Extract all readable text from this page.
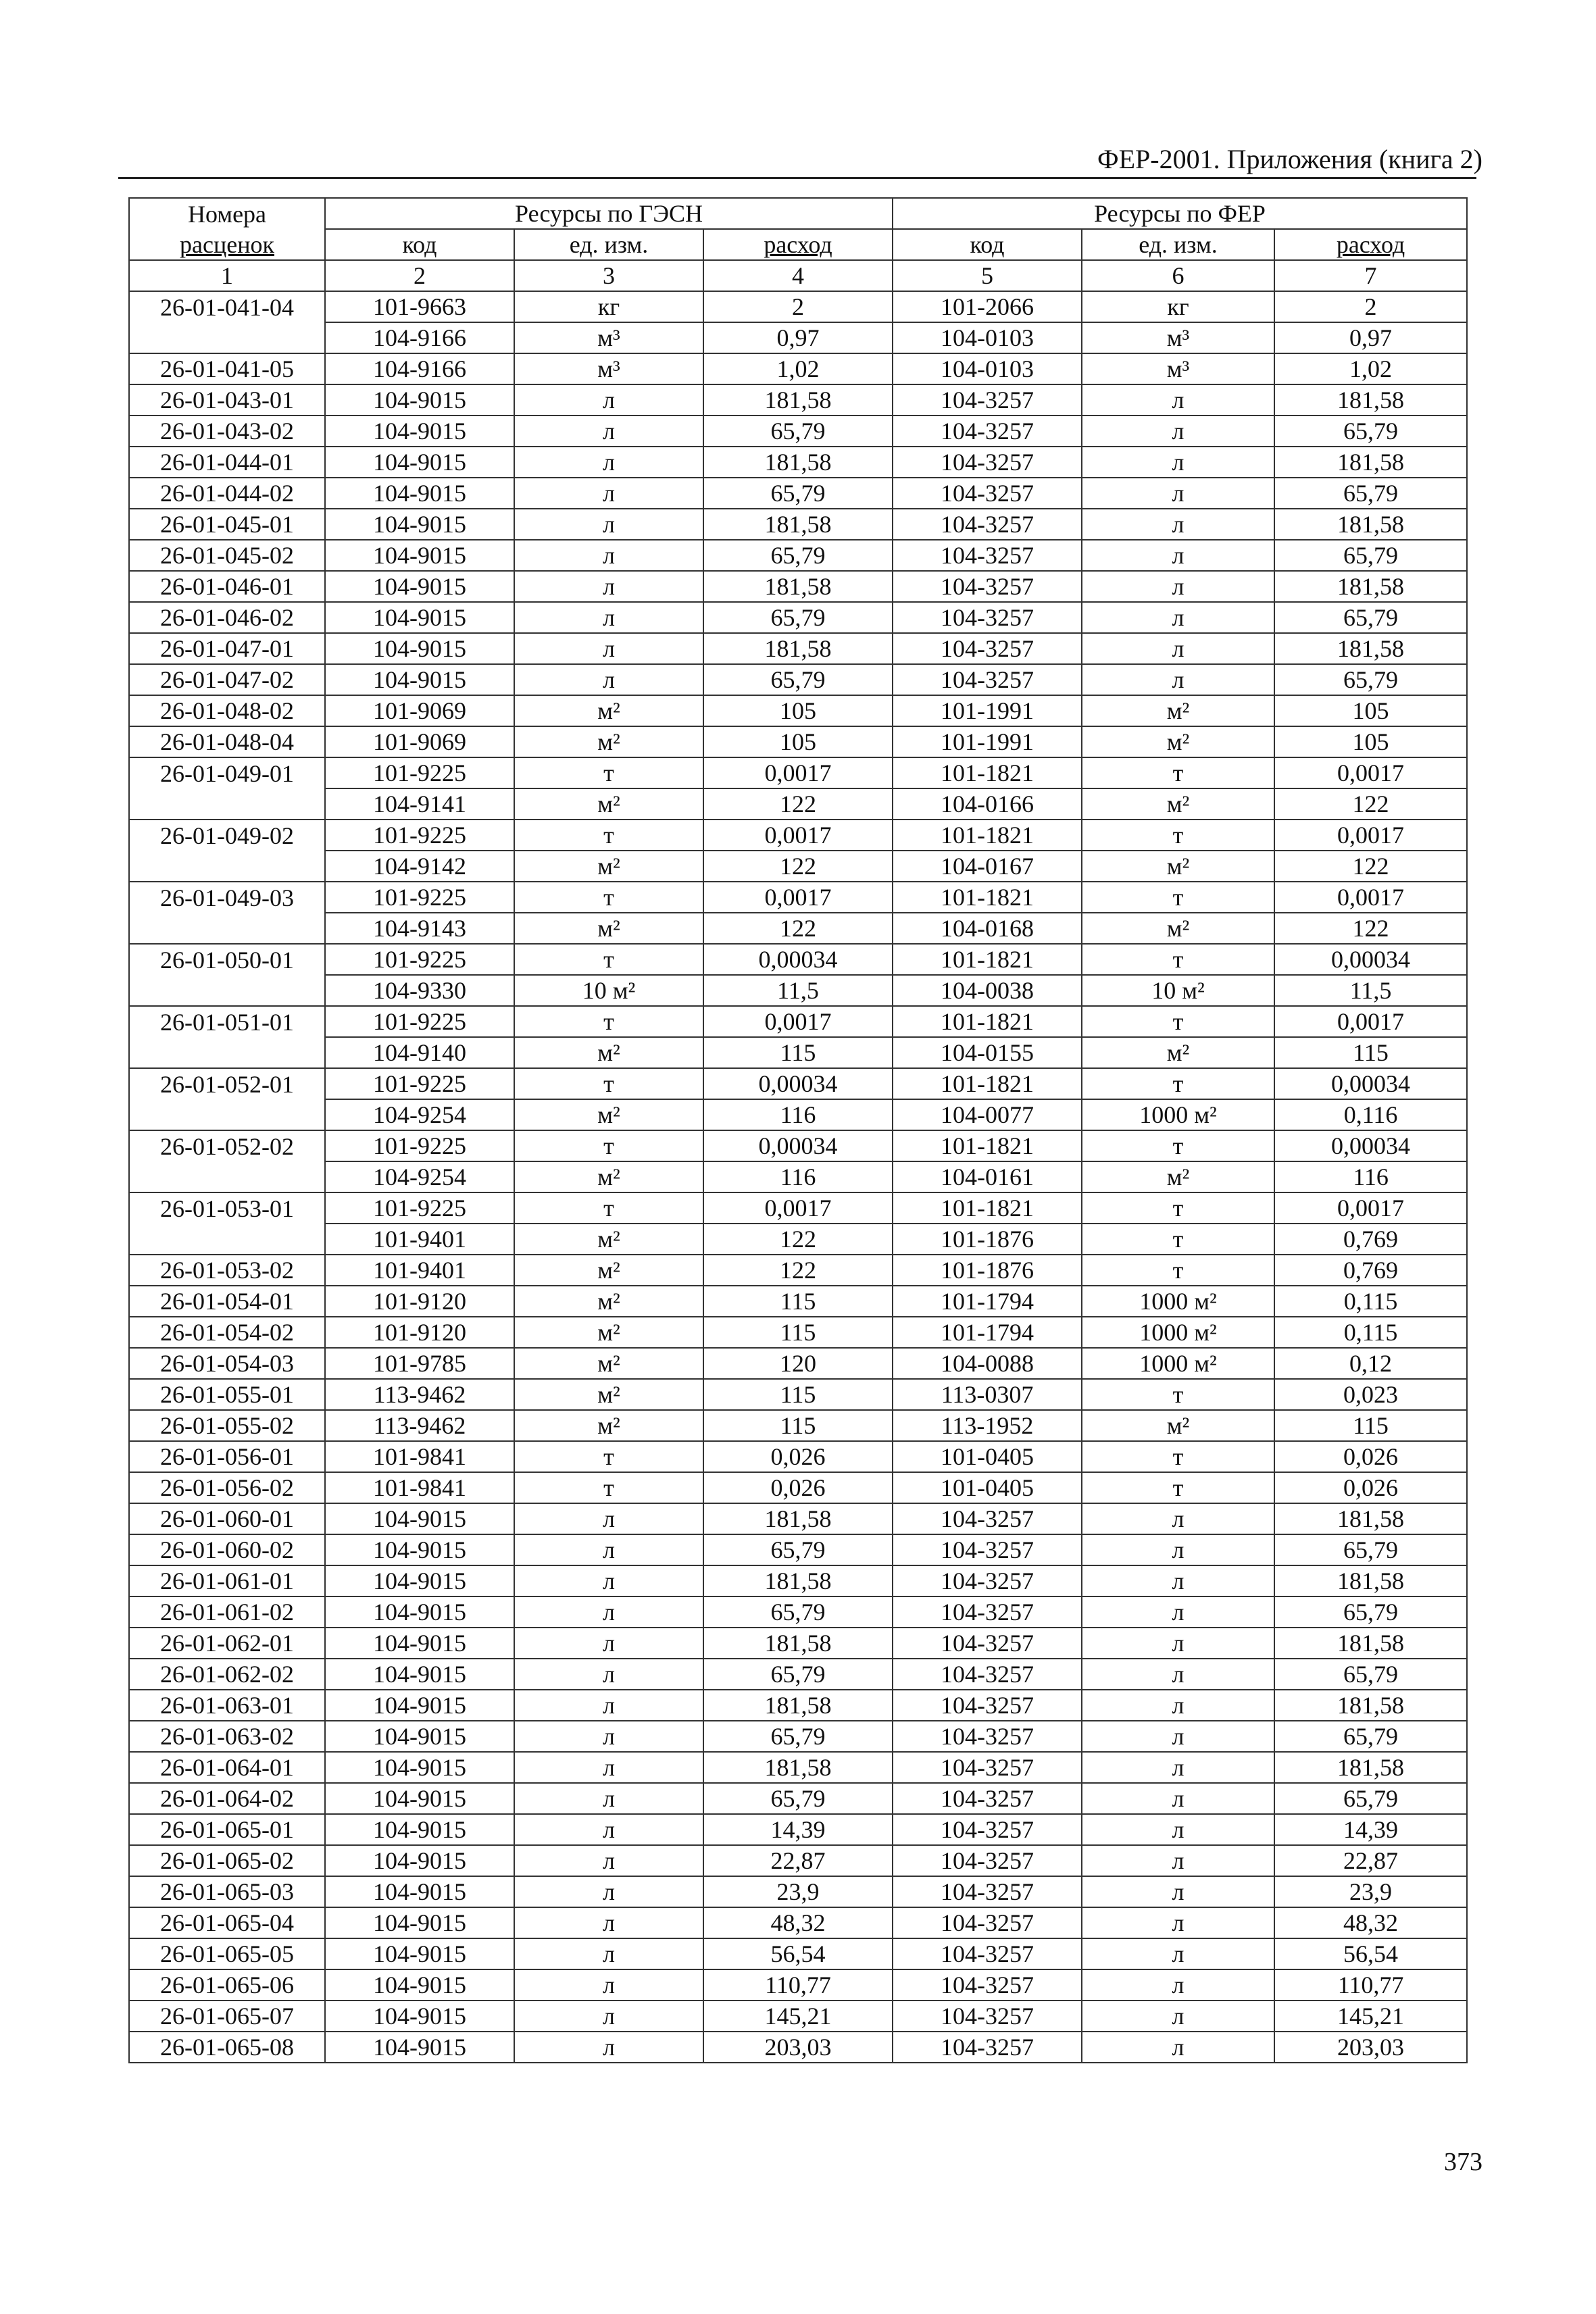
ФЕР-2001. Приложения (книга 2)
Номера	Ресурсы по ГЭСН			Ресурсы по ФЕР		
расценок	код	ед. изм.	расход	код	ед. изм.	расход
1	2	3	4	5	6	7
26-01-041-04	101-9663	кг	2	101-2066	кг	2
	104-9166	м³	0,97	104-0103	м³	0,97
26-01-041-05	104-9166	м³	1,02	104-0103	м³	1,02
26-01-043-01	104-9015	л	181,58	104-3257	л	181,58
26-01-043-02	104-9015	л	65,79	104-3257	л	65,79
26-01-044-01	104-9015	л	181,58	104-3257	л	181,58
26-01-044-02	104-9015	л	65,79	104-3257	л	65,79
26-01-045-01	104-9015	л	181,58	104-3257	л	181,58
26-01-045-02	104-9015	л	65,79	104-3257	л	65,79
26-01-046-01	104-9015	л	181,58	104-3257	л	181,58
26-01-046-02	104-9015	л	65,79	104-3257	л	65,79
26-01-047-01	104-9015	л	181,58	104-3257	л	181,58
26-01-047-02	104-9015	л	65,79	104-3257	л	65,79
26-01-048-02	101-9069	м²	105	101-1991	м²	105
26-01-048-04	101-9069	м²	105	101-1991	м²	105
26-01-049-01	101-9225	т	0,0017	101-1821	т	0,0017
	104-9141	м²	122	104-0166	м²	122
26-01-049-02	101-9225	т	0,0017	101-1821	т	0,0017
	104-9142	м²	122	104-0167	м²	122
26-01-049-03	101-9225	т	0,0017	101-1821	т	0,0017
	104-9143	м²	122	104-0168	м²	122
26-01-050-01	101-9225	т	0,00034	101-1821	т	0,00034
	104-9330	10 м²	11,5	104-0038	10 м²	11,5
26-01-051-01	101-9225	т	0,0017	101-1821	т	0,0017
	104-9140	м²	115	104-0155	м²	115
26-01-052-01	101-9225	т	0,00034	101-1821	т	0,00034
	104-9254	м²	116	104-0077	1000 м²	0,116
26-01-052-02	101-9225	т	0,00034	101-1821	т	0,00034
	104-9254	м²	116	104-0161	м²	116
26-01-053-01	101-9225	т	0,0017	101-1821	т	0,0017
	101-9401	м²	122	101-1876	т	0,769
26-01-053-02	101-9401	м²	122	101-1876	т	0,769
26-01-054-01	101-9120	м²	115	101-1794	1000 м²	0,115
26-01-054-02	101-9120	м²	115	101-1794	1000 м²	0,115
26-01-054-03	101-9785	м²	120	104-0088	1000 м²	0,12
26-01-055-01	113-9462	м²	115	113-0307	т	0,023
26-01-055-02	113-9462	м²	115	113-1952	м²	115
26-01-056-01	101-9841	т	0,026	101-0405	т	0,026
26-01-056-02	101-9841	т	0,026	101-0405	т	0,026
26-01-060-01	104-9015	л	181,58	104-3257	л	181,58
26-01-060-02	104-9015	л	65,79	104-3257	л	65,79
26-01-061-01	104-9015	л	181,58	104-3257	л	181,58
26-01-061-02	104-9015	л	65,79	104-3257	л	65,79
26-01-062-01	104-9015	л	181,58	104-3257	л	181,58
26-01-062-02	104-9015	л	65,79	104-3257	л	65,79
26-01-063-01	104-9015	л	181,58	104-3257	л	181,58
26-01-063-02	104-9015	л	65,79	104-3257	л	65,79
26-01-064-01	104-9015	л	181,58	104-3257	л	181,58
26-01-064-02	104-9015	л	65,79	104-3257	л	65,79
26-01-065-01	104-9015	л	14,39	104-3257	л	14,39
26-01-065-02	104-9015	л	22,87	104-3257	л	22,87
26-01-065-03	104-9015	л	23,9	104-3257	л	23,9
26-01-065-04	104-9015	л	48,32	104-3257	л	48,32
26-01-065-05	104-9015	л	56,54	104-3257	л	56,54
26-01-065-06	104-9015	л	110,77	104-3257	л	110,77
26-01-065-07	104-9015	л	145,21	104-3257	л	145,21
26-01-065-08	104-9015	л	203,03	104-3257	л	203,03
373
